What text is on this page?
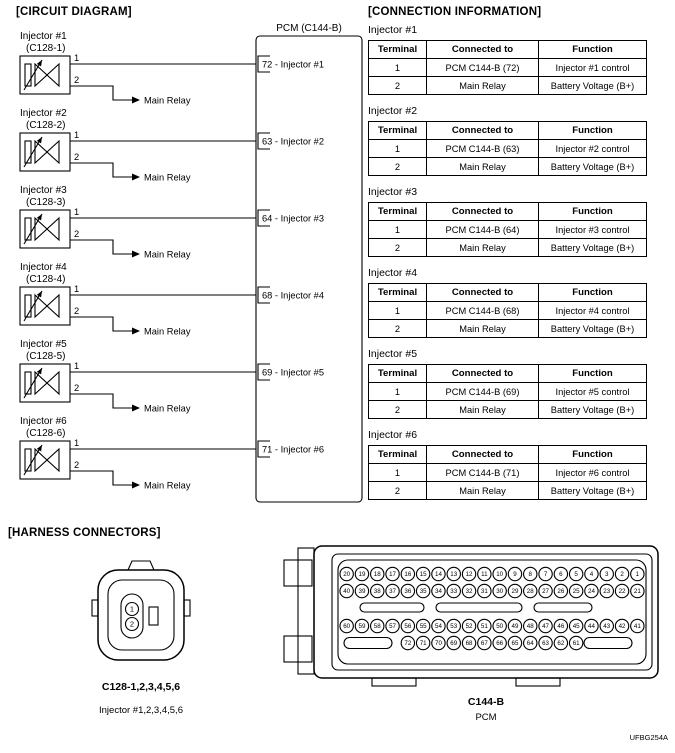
[CIRCUIT DIAGRAM]	[CONNECTION INFORMATION]
[HARNESS CONNECTORS]
PCM (C144-B)
Injector #1
(C128-1)
1
2
Main Relay
72 - Injector #1
Injector #2
(C128-2)
1
2
Main Relay
63 - Injector #2
Injector #3
(C128-3)
1
2
Main Relay
64 - Injector #3
Injector #4
(C128-4)
1
2
Main Relay
68 - Injector #4
Injector #5
(C128-5)
1
2
Main Relay
69 - Injector #5
Injector #6
(C128-6)
1
2
Main Relay
71 - Injector #6
Injector #1
Terminal	Connected to	Function
1	PCM C144-B (72)	Injector #1 control
2	Main Relay	Battery Voltage (B+)
Injector #2
Terminal	Connected to	Function
1	PCM C144-B (63)	Injector #2 control
2	Main Relay	Battery Voltage (B+)
Injector #3
Terminal	Connected to	Function
1	PCM C144-B (64)	Injector #3 control
2	Main Relay	Battery Voltage (B+)
Injector #4
Terminal	Connected to	Function
1	PCM C144-B (68)	Injector #4 control
2	Main Relay	Battery Voltage (B+)
Injector #5
Terminal	Connected to	Function
1	PCM C144-B (69)	Injector #5 control
2	Main Relay	Battery Voltage (B+)
Injector #6
Terminal	Connected to	Function
1	PCM C144-B (71)	Injector #6 control
2	Main Relay	Battery Voltage (B+)
1
2
20 19 18 17 16 15 14 13 12 11 10 9 8 7 6 5 4 3 2 1
40 39 38 37 36 35 34 33 32 31 30 29 28 27 26 25 24 23 22 21
60 59 58 57 56 55 54 53 52 51 50 49 48 47 46 45 44 43 42 41
72 71 70 69 68 67 66 65 64 63 62 61
C128-1,2,3,4,5,6
Injector #1,2,3,4,5,6
C144-B
PCM
UFBG254A
